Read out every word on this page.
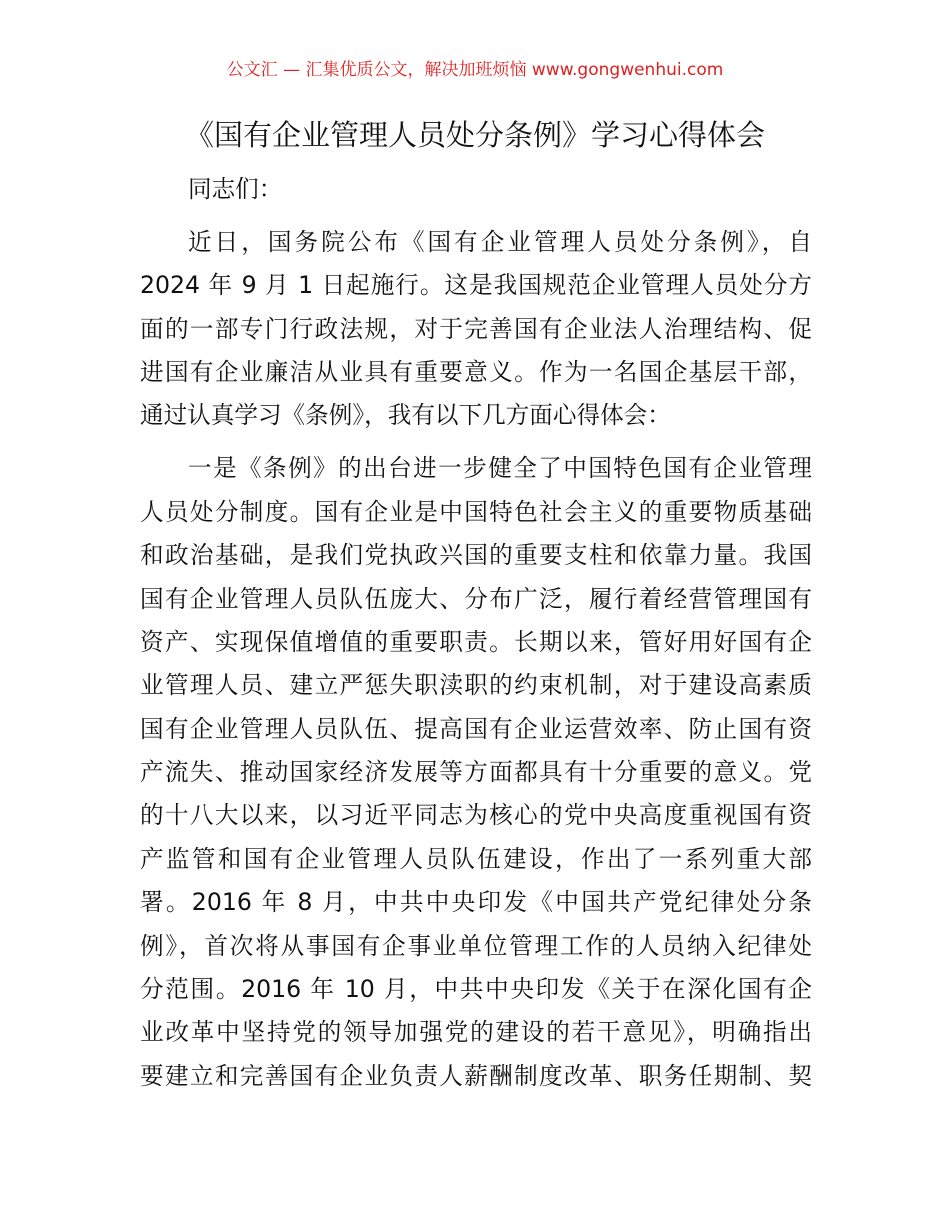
公文汇 — 汇集优质公文，解决加班烦恼 www.gongwenhui.com
《国有企业管理人员处分条例》学习心得体会
同志们：
近日，国务院公布《国有企业管理人员处分条例》，自
2024 年 9 月 1 日起施行。这是我国规范企业管理人员处分方
面的一部专门行政法规，对于完善国有企业法人治理结构、促
进国有企业廉洁从业具有重要意义。作为一名国企基层干部，
通过认真学习《条例》，我有以下几方面心得体会：
一是《条例》的出台进一步健全了中国特色国有企业管理
人员处分制度。国有企业是中国特色社会主义的重要物质基础
和政治基础，是我们党执政兴国的重要支柱和依靠力量。我国
国有企业管理人员队伍庞大、分布广泛，履行着经营管理国有
资产、实现保值增值的重要职责。长期以来，管好用好国有企
业管理人员、建立严惩失职渎职的约束机制，对于建设高素质
国有企业管理人员队伍、提高国有企业运营效率、防止国有资
产流失、推动国家经济发展等方面都具有十分重要的意义。党
的十八大以来，以习近平同志为核心的党中央高度重视国有资
产监管和国有企业管理人员队伍建设，作出了一系列重大部
署。2016 年 8 月，中共中央印发《中国共产党纪律处分条
例》，首次将从事国有企事业单位管理工作的人员纳入纪律处
分范围。2016 年 10 月，中共中央印发《关于在深化国有企
业改革中坚持党的领导加强党的建设的若干意见》，明确指出
要建立和完善国有企业负责人薪酬制度改革、职务任期制、契
